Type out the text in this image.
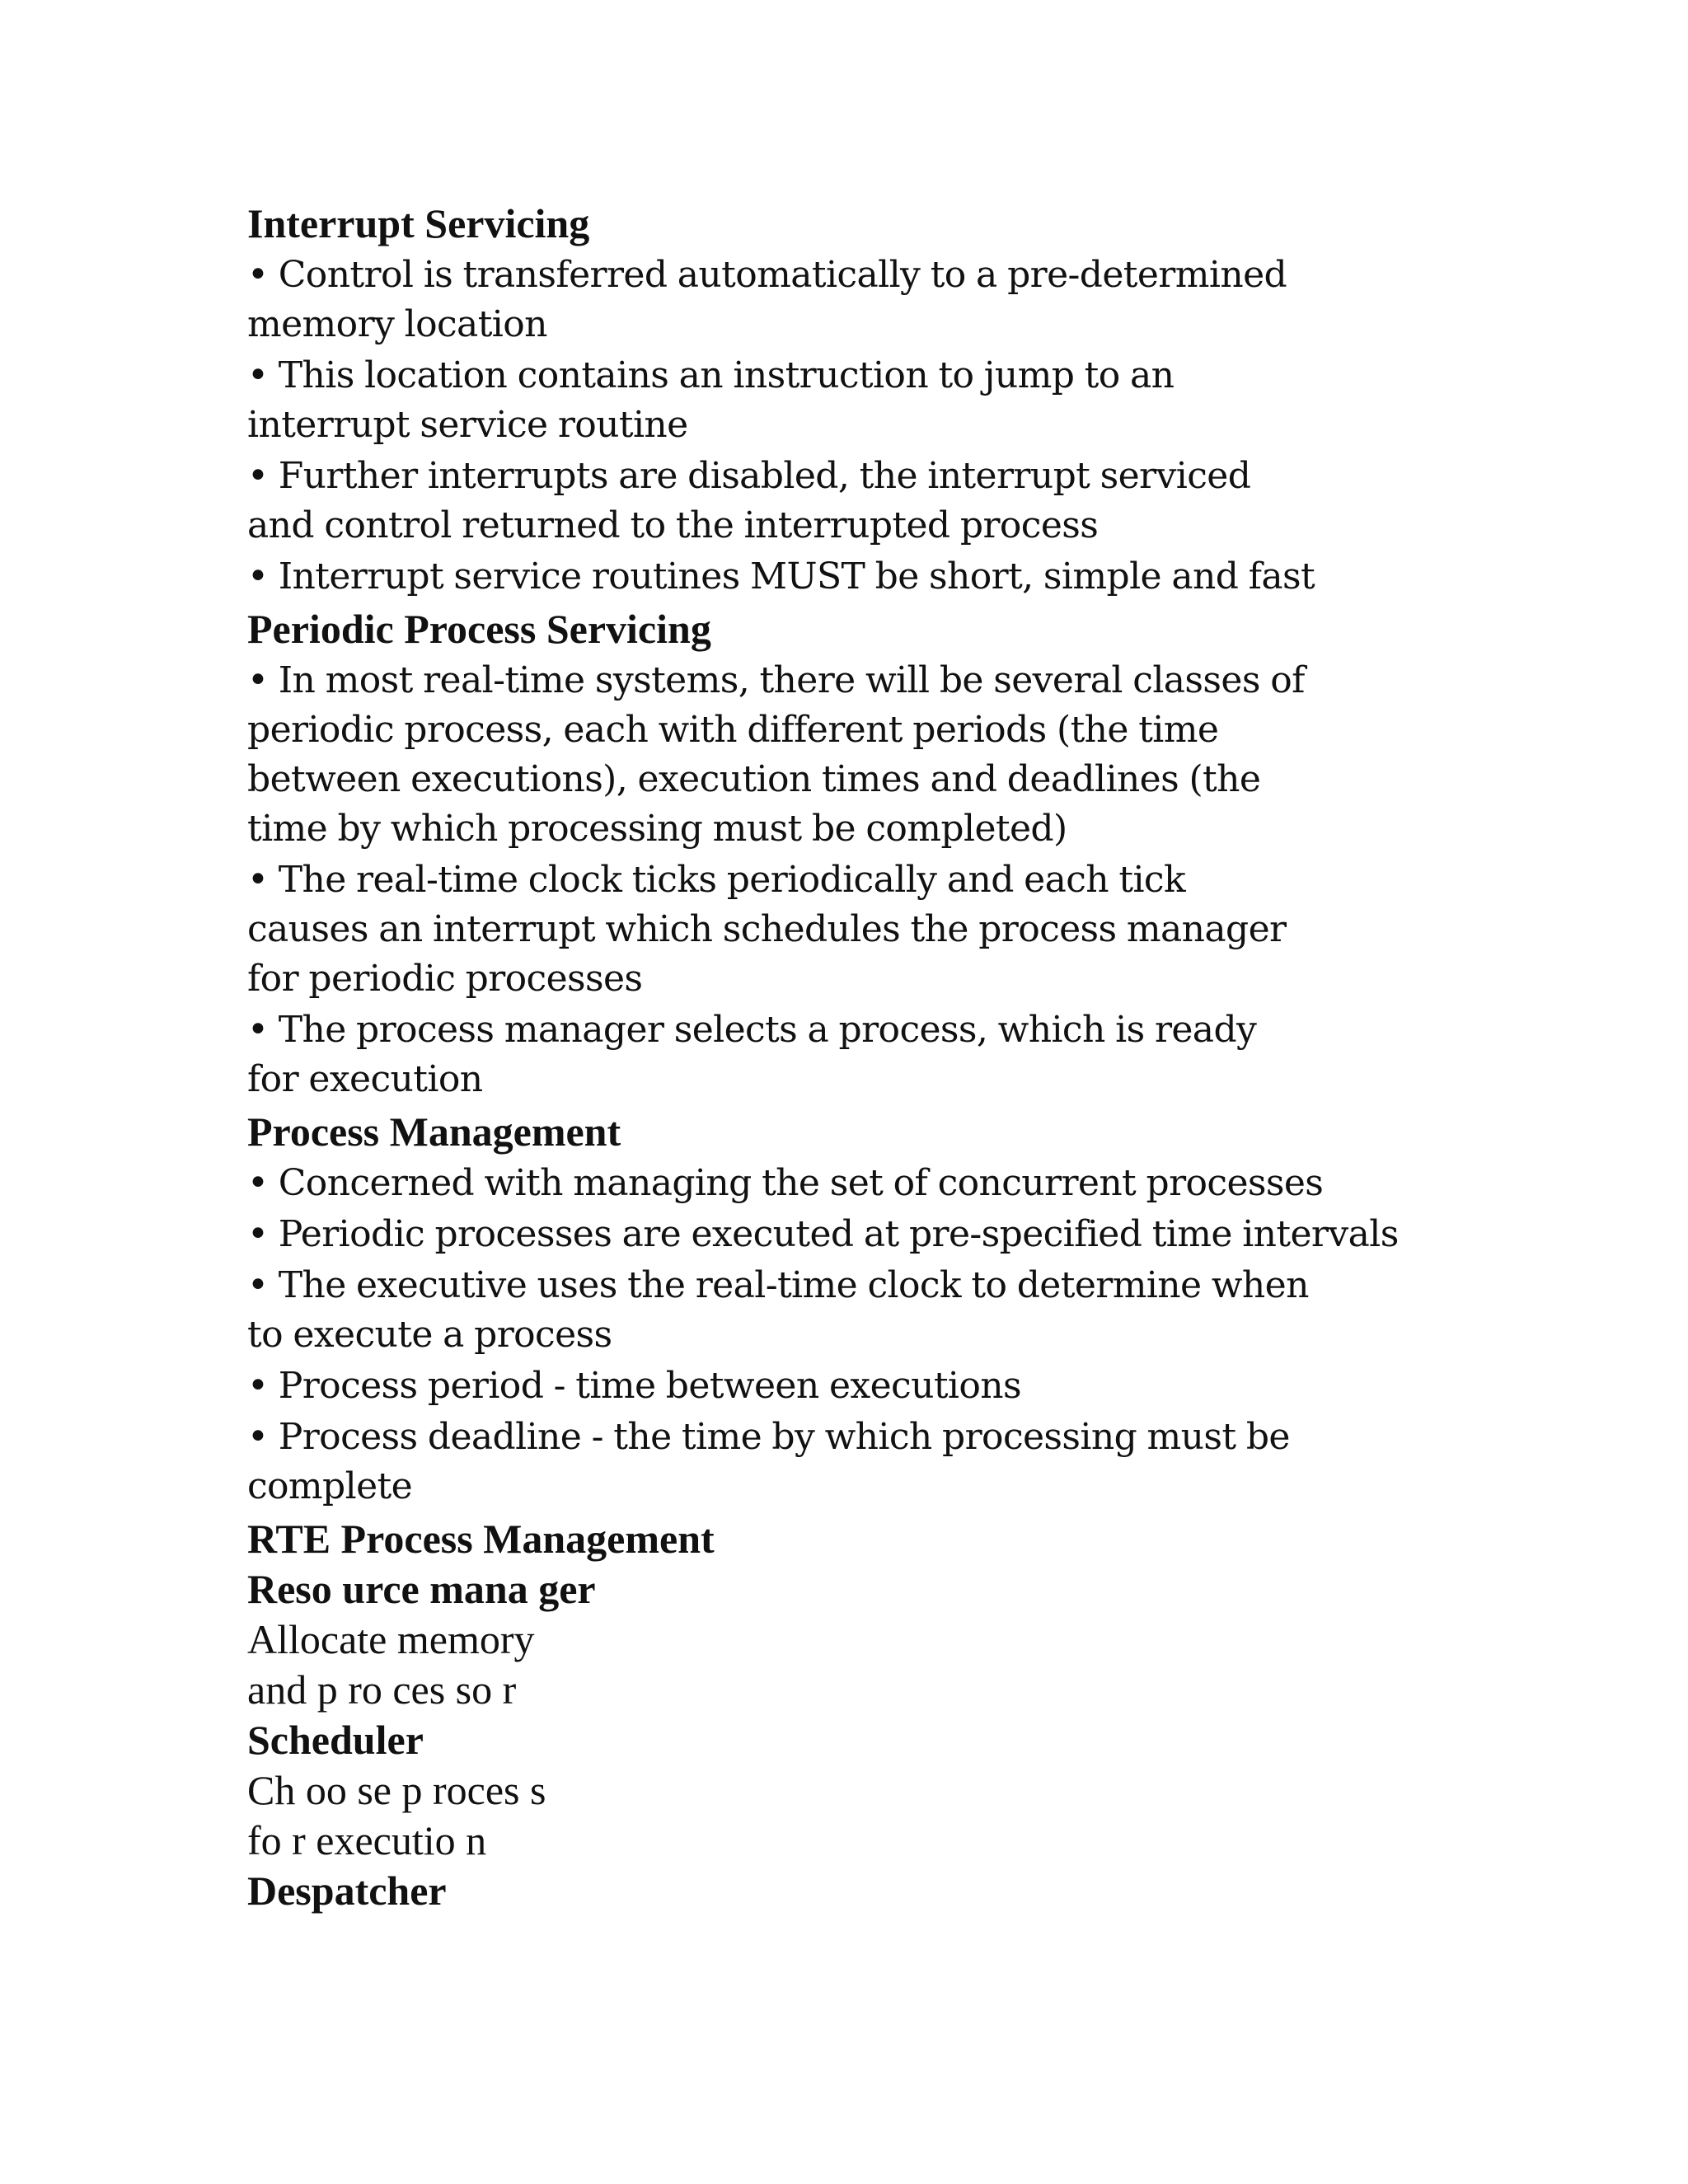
Interrupt Servicing

• Control is transferred automatically to a pre-determined memory location

• This location contains an instruction to jump to an interrupt service routine

• Further interrupts are disabled, the interrupt serviced and control returned to the interrupted process

• Interrupt service routines MUST be short, simple and fast

Periodic Process Servicing

• In most real-time systems, there will be several classes of periodic process, each with different periods (the time between executions), execution times and deadlines (the time by which processing must be completed)

• The real-time clock ticks periodically and each tick causes an interrupt which schedules the process manager for periodic processes

• The process manager selects a process, which is ready for execution

Process Management

• Concerned with managing the set of concurrent processes

• Periodic processes are executed at pre-specified time intervals

• The executive uses the real-time clock to determine when to execute a process

• Process period - time between executions

• Process deadline - the time by which processing must be complete

RTE Process Management

Reso urce mana ger

Allocate memory

and p ro ces so r

Scheduler

Ch oo se p roces s

fo r executio n

Despatcher
